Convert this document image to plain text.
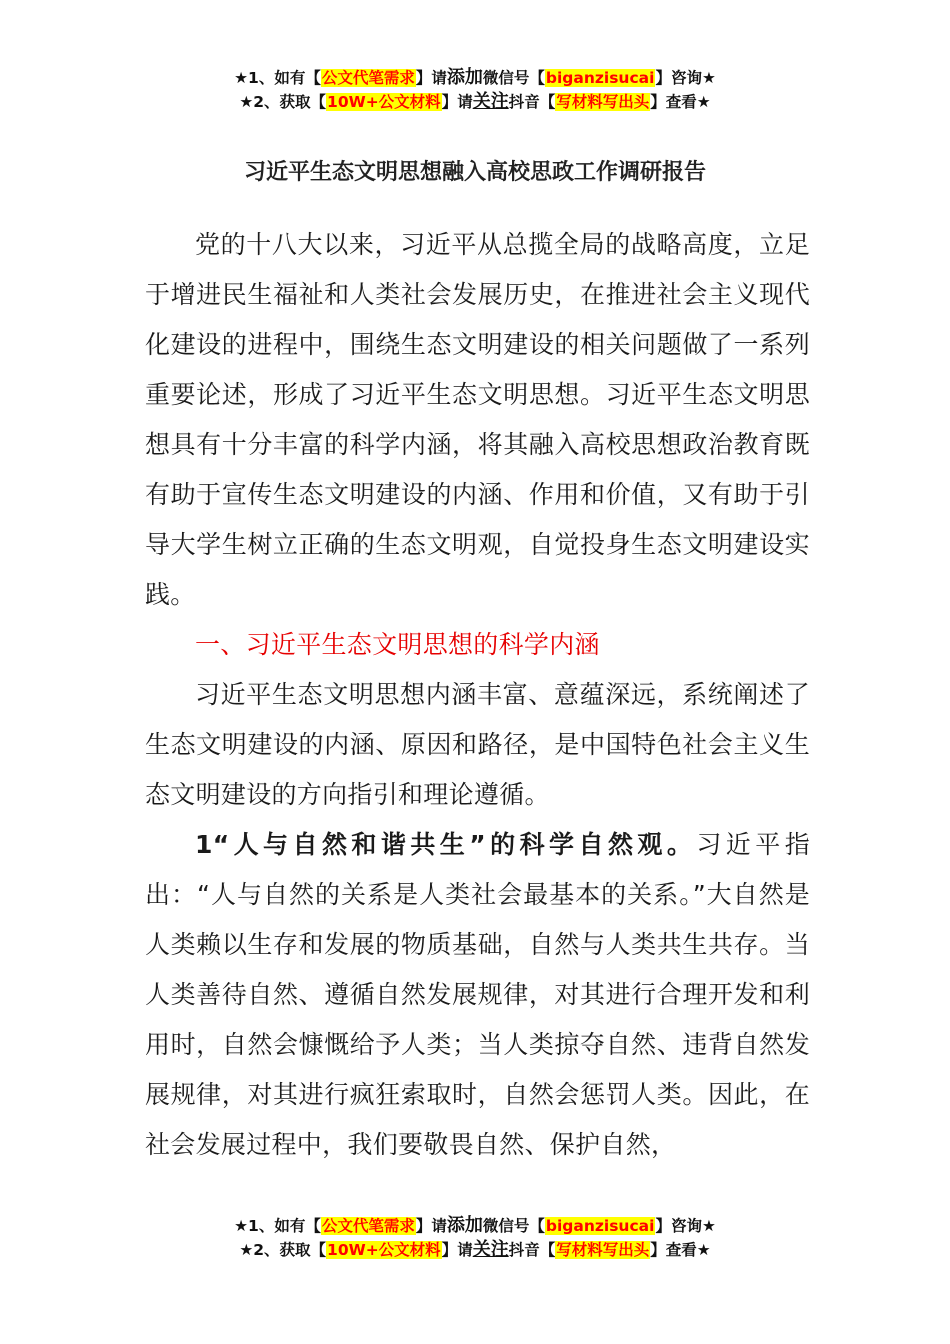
★1、如有【公文代笔需求】请添加微信号【biganzisucai】咨询★
★2、获取【10W+公文材料】请关注抖音【写材料写出头】查看★
习近平生态文明思想融入高校思政工作调研报告

党的十八大以来，习近平从总揽全局的战略高度，立足于增进民生福祉和人类社会发展历史，在推进社会主义现代化建设的进程中，围绕生态文明建设的相关问题做了一系列重要论述，形成了习近平生态文明思想。习近平生态文明思想具有十分丰富的科学内涵，将其融入高校思想政治教育既有助于宣传生态文明建设的内涵、作用和价值，又有助于引导大学生树立正确的生态文明观，自觉投身生态文明建设实践。

一、习近平生态文明思想的科学内涵

习近平生态文明思想内涵丰富、意蕴深远，系统阐述了生态文明建设的内涵、原因和路径，是中国特色社会主义生态文明建设的方向指引和理论遵循。

1“人与自然和谐共生”的科学自然观。习近平指出：“人与自然的关系是人类社会最基本的关系。”大自然是人类赖以生存和发展的物质基础，自然与人类共生共存。当人类善待自然、遵循自然发展规律，对其进行合理开发和利用时，自然会慷慨给予人类；当人类掠夺自然、违背自然发展规律，对其进行疯狂索取时，自然会惩罚人类。因此，在社会发展过程中，我们要敬畏自然、保护自然，

★1、如有【公文代笔需求】请添加微信号【biganzisucai】咨询★
★2、获取【10W+公文材料】请关注抖音【写材料写出头】查看★
